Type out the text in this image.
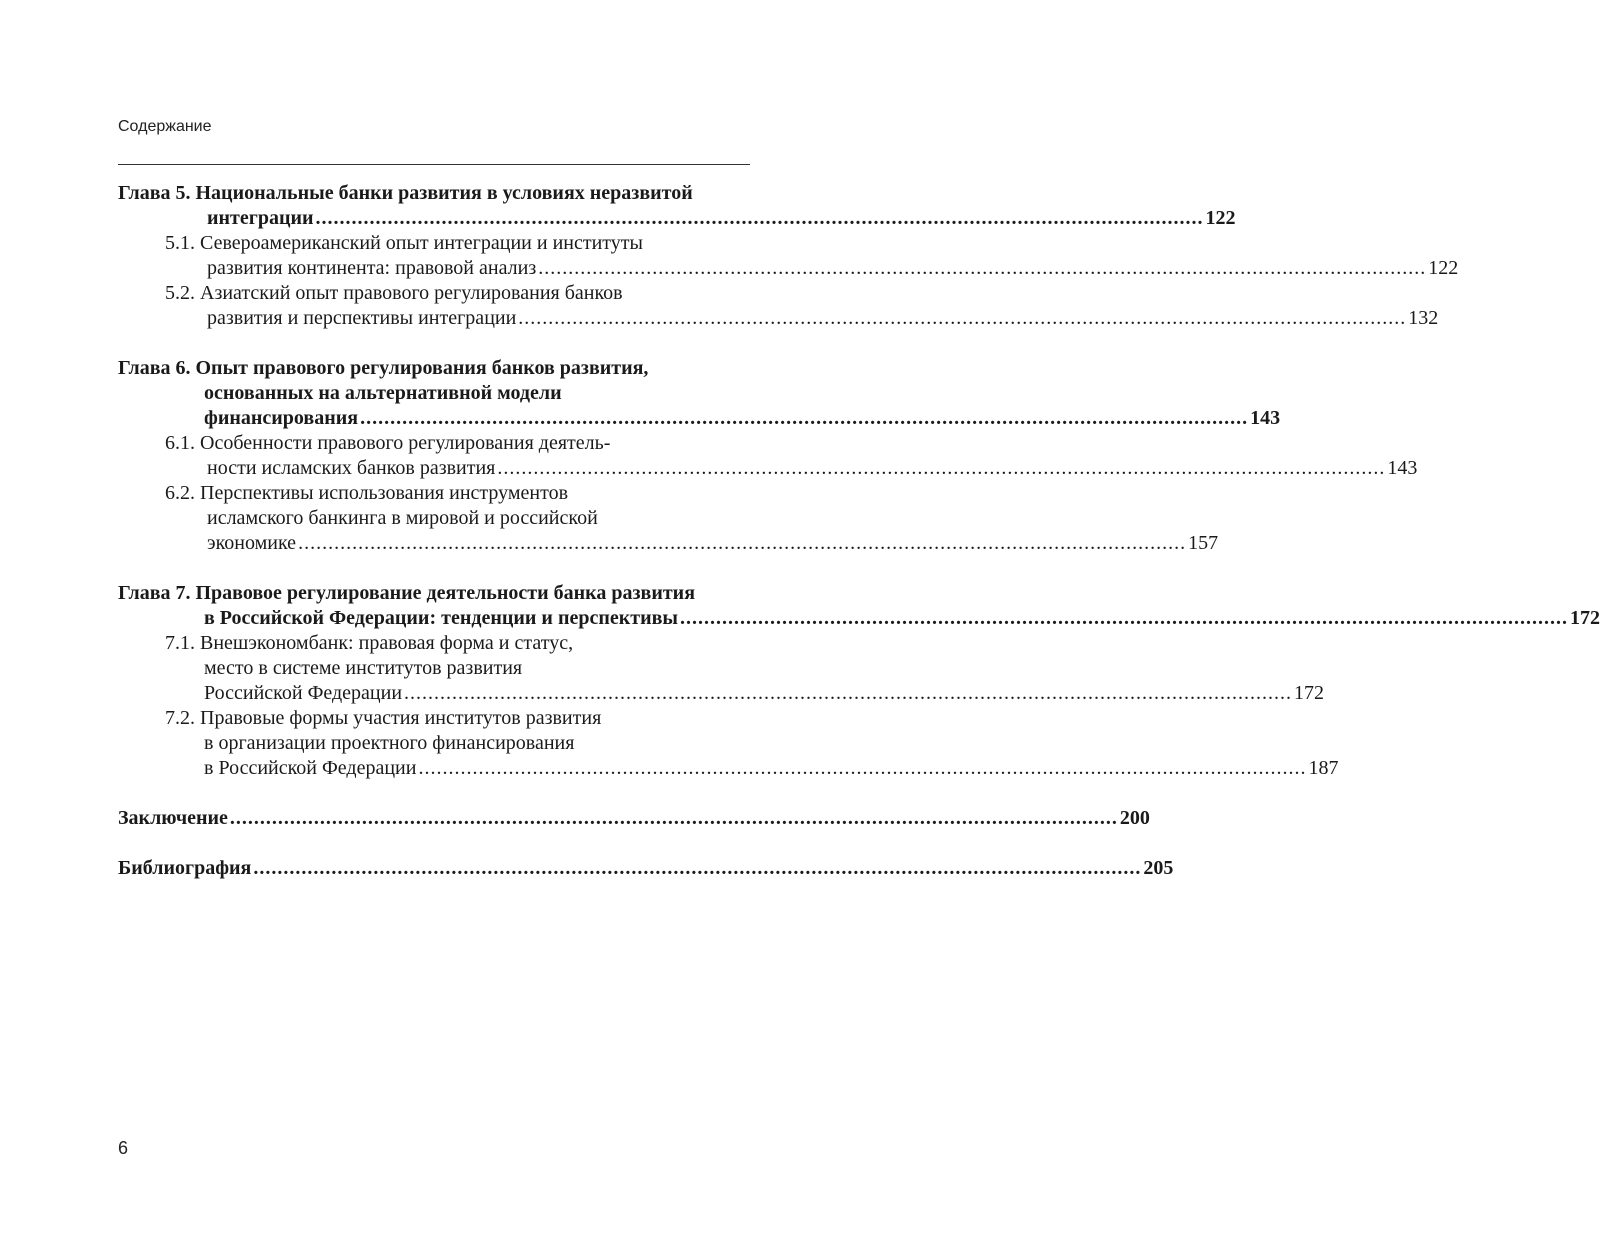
Содержание
Глава 5. Национальные банки развития в условиях неразвитой
интеграции .................................................................................................................................................... 122
5.1. Североамериканский опыт интеграции и институты
развития континента: правовой анализ .................................................................................................................................................... 122
5.2. Азиатский опыт правового регулирования банков
развития и перспективы интеграции .................................................................................................................................................... 132
Глава 6. Опыт правового регулирования банков развития,
основанных на альтернативной модели
финансирования .................................................................................................................................................... 143
6.1. Особенности правового регулирования деятель-
ности исламских банков развития .................................................................................................................................................... 143
6.2. Перспективы использования инструментов
исламского банкинга в мировой и российской
экономике .................................................................................................................................................... 157
Глава 7. Правовое регулирование деятельности банка развития
в Российской Федерации: тенденции и перспективы .................................................................................................................................................... 172
7.1. Внешэкономбанк: правовая форма и статус,
место в системе институтов развития
Российской Федерации .................................................................................................................................................... 172
7.2. Правовые формы участия институтов развития
в организации проектного финансирования
в Российской Федерации .................................................................................................................................................... 187
Заключение .................................................................................................................................................... 200
Библиография .................................................................................................................................................... 205
6
